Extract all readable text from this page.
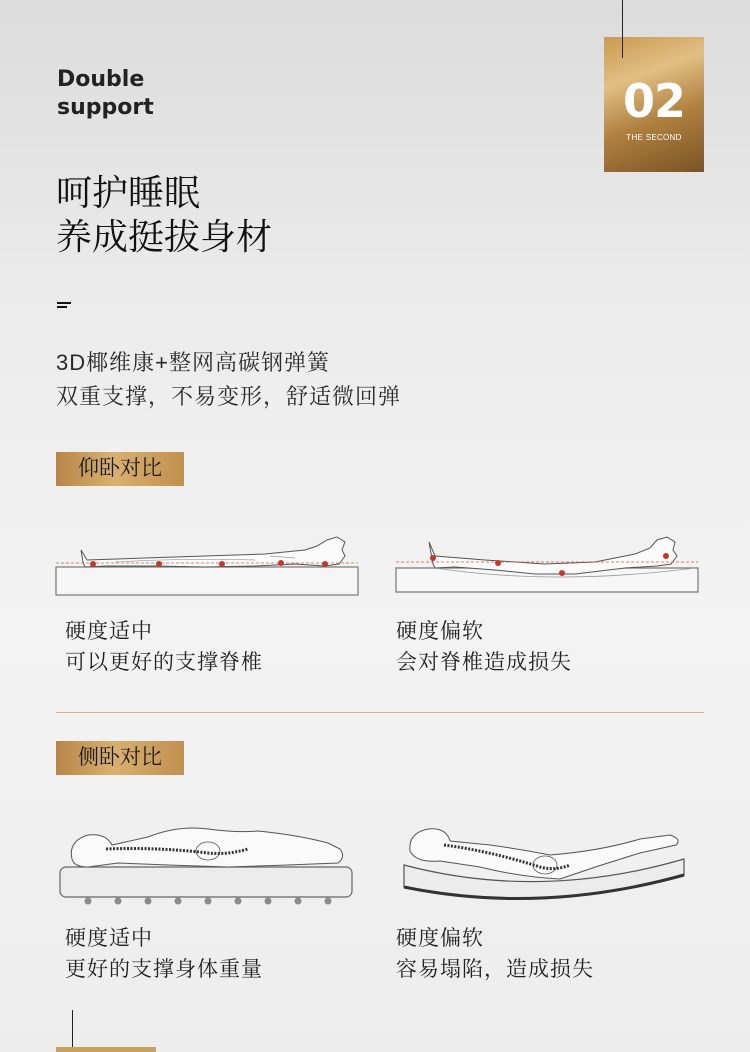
Double
support	02
THE SECOND
呵护睡眠
养成挺拔身材
3D椰维康+整网高碳钢弹簧
双重支撑，不易变形，舒适微回弹
仰卧对比
硬度适中
可以更好的支撑脊椎
硬度偏软
会对脊椎造成损失
侧卧对比
硬度适中
更好的支撑身体重量
硬度偏软
容易塌陷，造成损失
